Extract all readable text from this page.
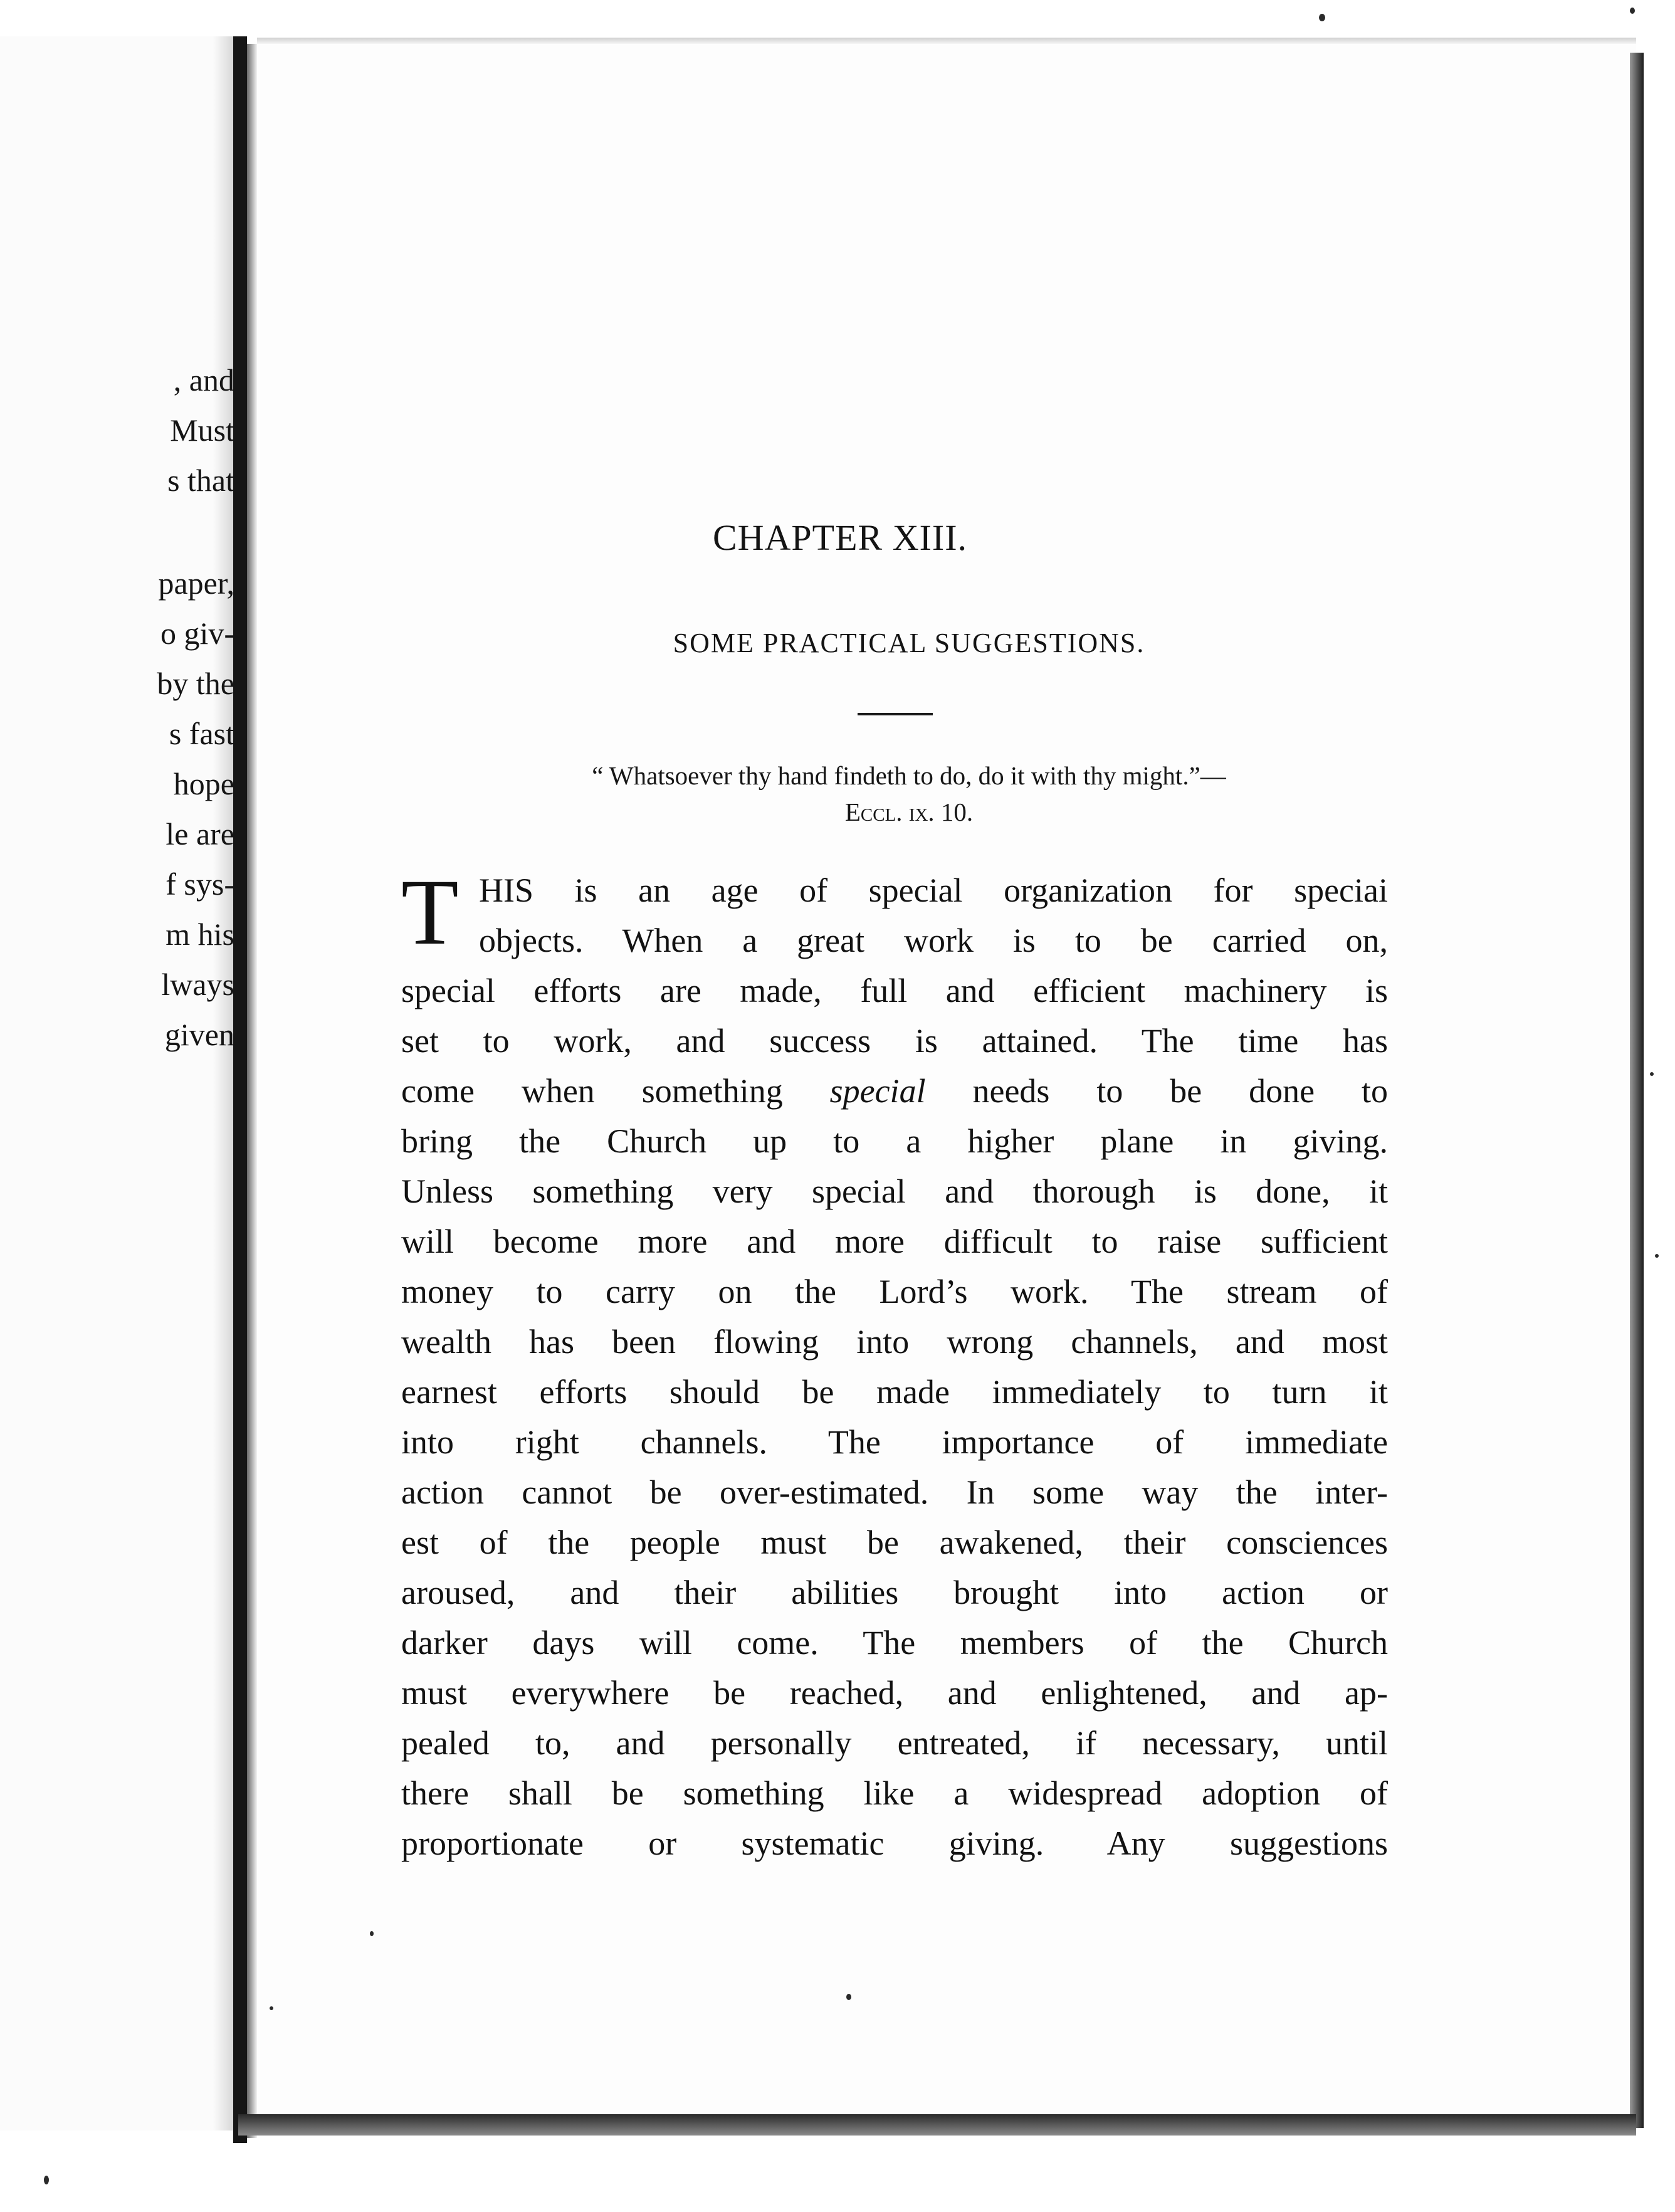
, and
Must
s that
paper,
o giv-
by the
s fast
hope
le are
f sys-
m his
lways
given
CHAPTER XIII.
SOME PRACTICAL SUGGESTIONS.
“ Whatsoever thy hand findeth to do, do it with thy might.”—
Eccl. ix. 10.
T HIS is an age of special organization for speciai
objects. When a great work is to be carried on,
special efforts are made, full and efficient machinery is
set to work, and success is attained. The time has
come when something special needs to be done to
bring the Church up to a higher plane in giving.
Unless something very special and thorough is done, it
will become more and more difficult to raise sufficient
money to carry on the Lord’s work. The stream of
wealth has been flowing into wrong channels, and most
earnest efforts should be made immediately to turn it
into right channels. The importance of immediate
action cannot be over-estimated. In some way the inter-
est of the people must be awakened, their consciences
aroused, and their abilities brought into action or
darker days will come. The members of the Church
must everywhere be reached, and enlightened, and ap-
pealed to, and personally entreated, if necessary, until
there shall be something like a widespread adoption of
proportionate or systematic giving. Any suggestions
